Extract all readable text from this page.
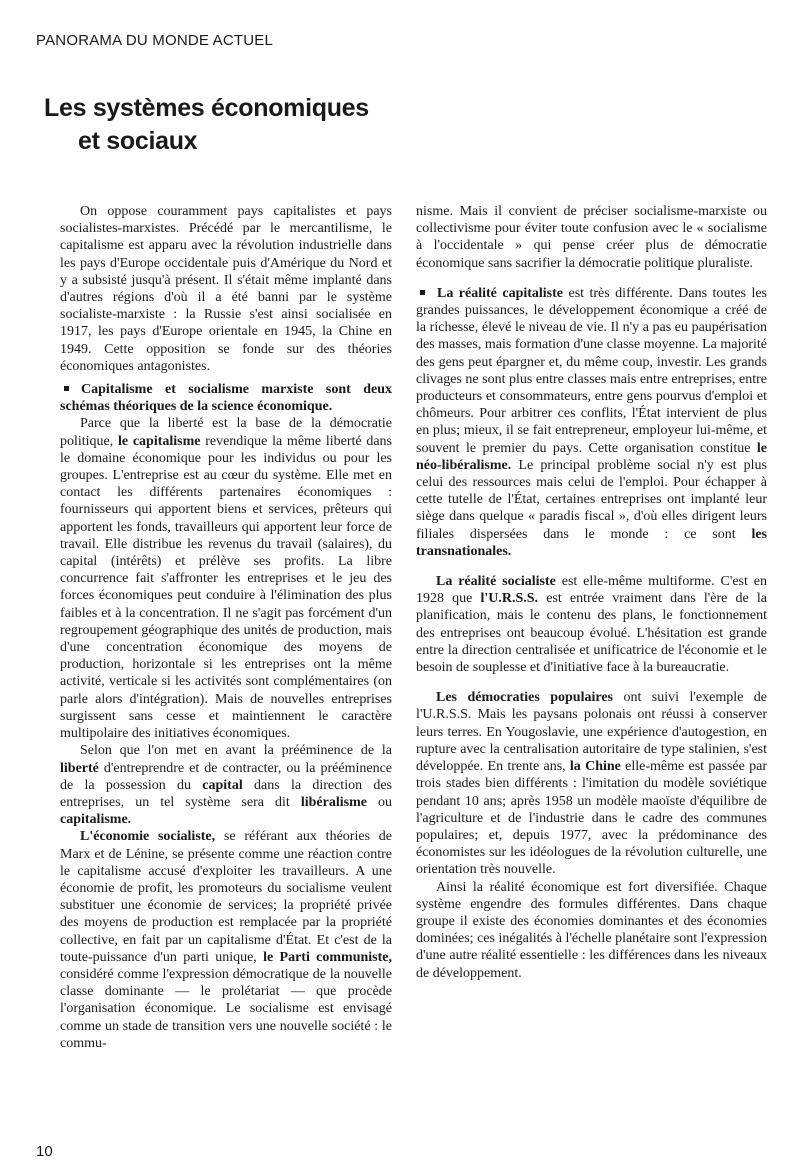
PANORAMA DU MONDE ACTUEL
Les systèmes économiques
et sociaux

On oppose couramment pays capitalistes et pays socialistes-marxistes. Précédé par le mercantilisme, le capitalisme est apparu avec la révolution industrielle dans les pays d'Europe occidentale puis d'Amérique du Nord et y a subsisté jusqu'à présent. Il s'était même implanté dans d'autres régions d'où il a été banni par le système socialiste-marxiste : la Russie s'est ainsi socialisée en 1917, les pays d'Europe orientale en 1945, la Chine en 1949. Cette opposition se fonde sur des théories économiques antagonistes.

Capitalisme et socialisme marxiste sont deux schémas théoriques de la science économique.

Parce que la liberté est la base de la démocratie politique, le capitalisme revendique la même liberté dans le domaine économique pour les individus ou pour les groupes. L'entreprise est au cœur du système. Elle met en contact les différents partenaires économiques : fournisseurs qui apportent biens et services, prêteurs qui apportent les fonds, travailleurs qui apportent leur force de travail. Elle distribue les revenus du travail (salaires), du capital (intérêts) et prélève ses profits. La libre concurrence fait s'affronter les entreprises et le jeu des forces économiques peut conduire à l'élimination des plus faibles et à la concentration. Il ne s'agit pas forcément d'un regroupement géographique des unités de production, mais d'une concentration économique des moyens de production, horizontale si les entreprises ont la même activité, verticale si les activités sont complémentaires (on parle alors d'intégration). Mais de nouvelles entreprises surgissent sans cesse et maintiennent le caractère multipolaire des initiatives économiques.

Selon que l'on met en avant la prééminence de la liberté d'entreprendre et de contracter, ou la prééminence de la possession du capital dans la direction des entreprises, un tel système sera dit libéralisme ou capitalisme.

L'économie socialiste, se référant aux théories de Marx et de Lénine, se présente comme une réaction contre le capitalisme accusé d'exploiter les travailleurs. A une économie de profit, les promoteurs du socialisme veulent substituer une économie de services; la propriété privée des moyens de production est remplacée par la propriété collective, en fait par un capitalisme d'État. Et c'est de la toute-puissance d'un parti unique, le Parti communiste, considéré comme l'expression démocratique de la nouvelle classe dominante — le prolétariat — que procède l'organisation économique. Le socialisme est envisagé comme un stade de transition vers une nouvelle société : le commu-

nisme. Mais il convient de préciser socialisme-marxiste ou collectivisme pour éviter toute confusion avec le « socialisme à l'occidentale » qui pense créer plus de démocratie économique sans sacrifier la démocratie politique pluraliste.

La réalité capitaliste est très différente. Dans toutes les grandes puissances, le développement économique a créé de la richesse, élevé le niveau de vie. Il n'y a pas eu paupérisation des masses, mais formation d'une classe moyenne. La majorité des gens peut épargner et, du même coup, investir. Les grands clivages ne sont plus entre classes mais entre entreprises, entre producteurs et consommateurs, entre gens pourvus d'emploi et chômeurs. Pour arbitrer ces conflits, l'État intervient de plus en plus; mieux, il se fait entrepreneur, employeur lui-même, et souvent le premier du pays. Cette organisation constitue le néo-libéralisme. Le principal problème social n'y est plus celui des ressources mais celui de l'emploi. Pour échapper à cette tutelle de l'État, certaines entreprises ont implanté leur siège dans quelque « paradis fiscal », d'où elles dirigent leurs filiales dispersées dans le monde : ce sont les transnationales.

La réalité socialiste est elle-même multiforme. C'est en 1928 que l'U.R.S.S. est entrée vraiment dans l'ère de la planification, mais le contenu des plans, le fonctionnement des entreprises ont beaucoup évolué. L'hésitation est grande entre la direction centralisée et unificatrice de l'économie et le besoin de souplesse et d'initiative face à la bureaucratie.

Les démocraties populaires ont suivi l'exemple de l'U.R.S.S. Mais les paysans polonais ont réussi à conserver leurs terres. En Yougoslavie, une expérience d'autogestion, en rupture avec la centralisation autoritaire de type stalinien, s'est développée. En trente ans, la Chine elle-même est passée par trois stades bien différents : l'imitation du modèle soviétique pendant 10 ans; après 1958 un modèle maoïste d'équilibre de l'agriculture et de l'industrie dans le cadre des communes populaires; et, depuis 1977, avec la prédominance des économistes sur les idéologues de la révolution culturelle, une orientation très nouvelle.

Ainsi la réalité économique est fort diversifiée. Chaque système engendre des formules différentes. Dans chaque groupe il existe des économies dominantes et des économies dominées; ces inégalités à l'échelle planétaire sont l'expression d'une autre réalité essentielle : les différences dans les niveaux de développement.

10
